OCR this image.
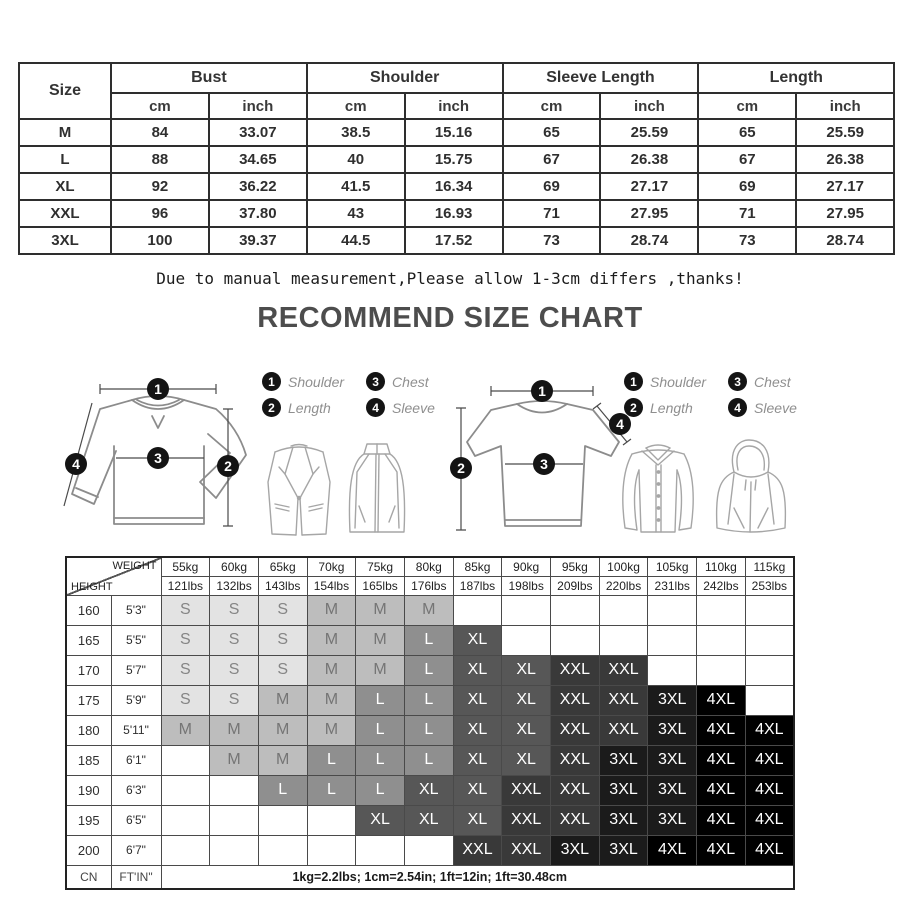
Size	Bust		Shoulder		Sleeve Length		Length	
	cm	inch	cm	inch	cm	inch	cm	inch
M	84	33.07	38.5	15.16	65	25.59	65	25.59
L	88	34.65	40	15.75	67	26.38	67	26.38
XL	92	36.22	41.5	16.34	69	27.17	69	27.17
XXL	96	37.80	43	16.93	71	27.95	71	27.95
3XL	100	39.37	44.5	17.52	73	28.74	73	28.74
Due to manual measurement,Please allow 1-3cm differs ,thanks!
RECOMMEND SIZE CHART
1
2
3
4
1 Shoulder	3 Chest
2 Length	4 Sleeve
1
2	3
4
1 Shoulder	3 Chest
2 Length	4 Sleeve
WEIGHT
HEIGHT		55kg	60kg	65kg	70kg	75kg	80kg	85kg	90kg	95kg	100kg	105kg	110kg	115kg
		121lbs	132lbs	143lbs	154lbs	165lbs	176lbs	187lbs	198lbs	209lbs	220lbs	231lbs	242lbs	253lbs
160	5'3"	S	S	S	M	M	M							
165	5'5"	S	S	S	M	M	L	XL						
170	5'7"	S	S	S	M	M	L	XL	XL	XXL	XXL			
175	5'9"	S	S	M	M	L	L	XL	XL	XXL	XXL	3XL	4XL	
180	5'11"	M	M	M	M	L	L	XL	XL	XXL	XXL	3XL	4XL	4XL
185	6'1"		M	M	L	L	L	XL	XL	XXL	3XL	3XL	4XL	4XL
190	6'3"			L	L	L	XL	XL	XXL	XXL	3XL	3XL	4XL	4XL
195	6'5"					XL	XL	XL	XXL	XXL	3XL	3XL	4XL	4XL
200	6'7"							XXL	XXL	3XL	3XL	4XL	4XL	4XL
CN	FT'IN"	1kg=2.2lbs; 1cm=2.54in; 1ft=12in; 1ft=30.48cm												
